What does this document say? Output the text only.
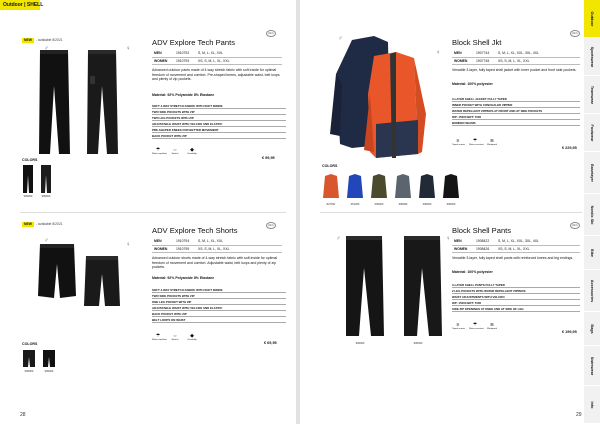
Outdoor | SHELL
NEW - available 8/2021
♂	♀
COLORS
999000	995000
REG
ADV Explore Tech Pants
MEN	1910792	S, M, L, XL, XXL
WOMEN	1910793	XS, S, M, L, XL, XXL
Advanced outdoor pants made of 4-way stretch fabric with soft inside for optimal freedom of movement and comfort. Pre-shaped knees, adjustable waist, belt loops and plenty of zip pockets.
Material: 92% Polyamide 8% Elastane
SOFT 4-WAY STRETCH FABRIC WITH SOFT INSIDE
TWO SIDE POCKETS WITH ZIP
TWO LEG POCKETS WITH ZIP
ADJUSTABLE WAIST WITH VELCRO AND ELASTIC
PRE-SHAPED KNEES FOR BETTER MOVEMENT
BACK POCKET WITH ZIP
☂
Water repellent
⇔
Stretch
◆
Durability
€ 99,95
NEW - available 8/2021
♂
♀
COLORS
995000	999000
REG
ADV Explore Tech Shorts
MEN	1910794	S, M, L, XL, XXL
WOMEN	1910795	XS, S, M, L, XL, XXL
Advanced outdoor shorts made of 4-way stretch fabric with soft inside for optimal freedom of movement and comfort. Adjustable waist, belt loops and plenty of zip pockets.
Material: 92% Polyamide 8% Elastane
SOFT 4-WAY STRETCH FABRIC WITH SOFT INSIDE
TWO SIDE POCKETS WITH ZIP
ONE LEG POCKET WITH ZIP
ADJUSTABLE WAIST WITH VELCRO AND ELASTIC
BACK POCKET WITH ZIP
BELT LOOPS ON WAIST
☂
Water repellent
⇔
Stretch
◆
Durability
€ 69,95
28
♂
♀
COLORS
827391	351000	669000	995990	395000	999000
REG
Block Shell Jkt
MEN	1907744	S, M, L, XL, XXL, 3XL, 4XL
WOMEN	1907745	XS, S, M, L, XL, XXL
Versatile 3-layer, fully taped shell jacket with inner pocket and front side pockets.
Material: 100% polyester
3-LAYER SHELL JACKET FULLY TAPED
INNER POCKET WITH CONCEALED ZIPPER
WATER REPELLENT ZIPPERS AT FRONT AND AT SIDE POCKETS
WP: 15000 BRT: 7000
BONDED SEAMS
≡
Taped seams
☂
Water resistant
≋
Windproof
€ 229,95
♂	♀
999000	995000
REG
Block Shell Pants
MEN	1908422	S, M, L, XL, XXL, 3XL, 4XL
WOMEN	1908426	XS, S, M, L, XL, XXL
Versatile 3-layer, fully taped shell pants with reinforced knees and leg endings.
Material: 100% polyester
3-LAYER SHELL PANTS FULLY TAPED
2 LEG POCKETS WITH WATER REPELLENT ZIPPERS
WAIST ADJUSTMENTS WITH VELCRO
WP: 15000 BRT: 7000
SIDE ZIP OPENINGS AT KNEE AND AT SIDE OF LEG
≡
Taped seams
☂
Water resistant
≋
Windproof
€ 199,95
29
Outdoor
Sportswear
Teamwear
Footwear
Baselayer
Nordic Ski
Bike
Accessories
Bags
Swimwear
Info
